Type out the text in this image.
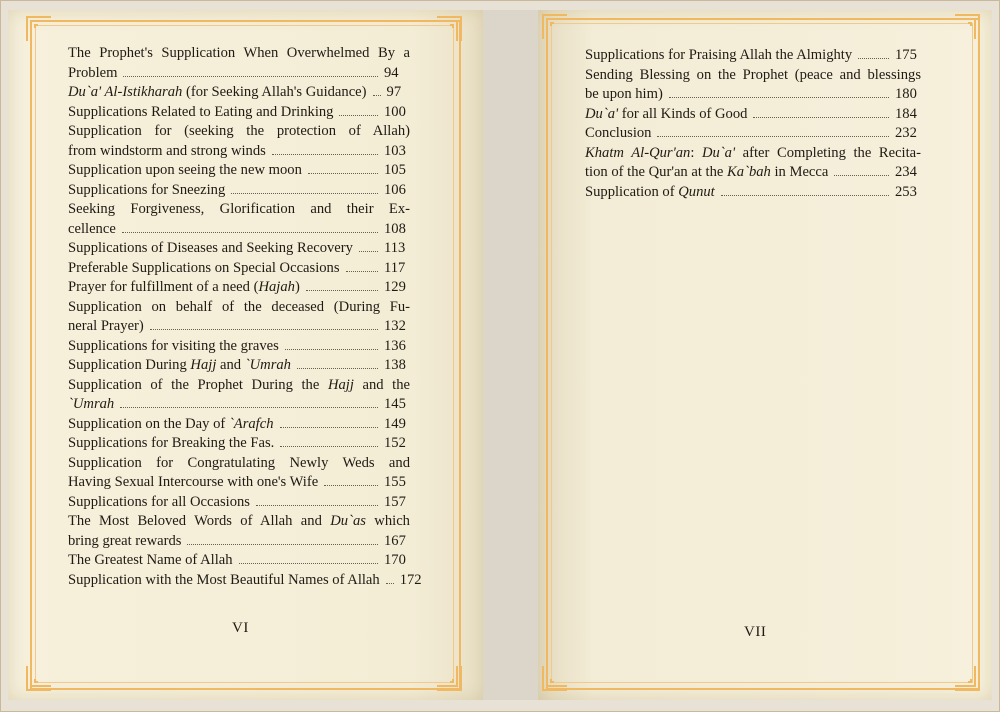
The Prophet's Supplication When Overwhelmed By a
Problem	94
Du`a' Al-Istikharah (for Seeking Allah's Guidance) 97
Supplications Related to Eating and Drinking	100
Supplication for (seeking the protection of Allah)
from windstorm and strong winds	103
Supplication upon seeing the new moon	105
Supplications for Sneezing	106
Seeking Forgiveness, Glorification and their Ex-
cellence	108
Supplications of Diseases and Seeking Recovery 113
Preferable Supplications on Special Occasions	117
Prayer for fulfillment of a need (Hajah)	129
Supplication on behalf of the deceased (During Fu-
neral Prayer)	132
Supplications for visiting the graves	136
Supplication During Hajj and `Umrah	138
Supplication of the Prophet During the Hajj and the
`Umrah	145
Supplication on the Day of `Arafch	149
Supplications for Breaking the Fas.	152
Supplication for Congratulating Newly Weds and
Having Sexual Intercourse with one's Wife	155
Supplications for all Occasions	157
The Most Beloved Words of Allah and Du`as which
bring great rewards	167
The Greatest Name of Allah	170
Supplication with the Most Beautiful Names of Allah 172
VI
Supplications for Praising Allah the Almighty	175
Sending Blessing on the Prophet (peace and blessings
be upon him)	180
Du`a' for all Kinds of Good	184
Conclusion	232
Khatm Al-Qur'an: Du`a' after Completing the Recita-
tion of the Qur'an at the Ka`bah in Mecca	234
Supplication of Qunut	253
VII
